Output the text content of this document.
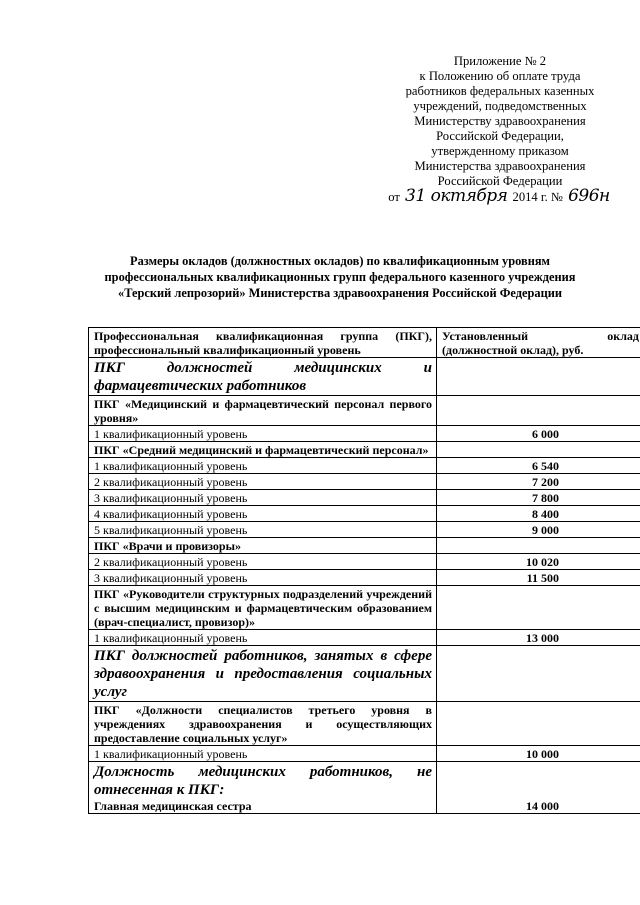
Приложение № 2
к Положению об оплате труда
работников федеральных казенных
учреждений, подведомственных
Министерству здравоохранения
Российской Федерации,
утвержденному приказом
Министерства здравоохранения
Российской Федерации
от 31 октября 2014 г. № 696н
Размеры окладов (должностных окладов) по квалификационным уровням
профессиональных квалификационных групп федерального казенного учреждения
«Терский лепрозорий» Министерства здравоохранения Российской Федерации
Профессиональная квалификационная группа (ПКГ), профессиональный квалификационный уровень	Установленный оклад (должностной оклад), руб.
ПКГ должностей медицинских и фармацевтических работников	
ПКГ «Медицинский и фармацевтический персонал первого уровня»	
1 квалификационный уровень	6 000
ПКГ «Средний медицинский и фармацевтический персонал»	
1 квалификационный уровень	6 540
2 квалификационный уровень	7 200
3 квалификационный уровень	7 800
4 квалификационный уровень	8 400
5 квалификационный уровень	9 000
ПКГ «Врачи и провизоры»	
2 квалификационный уровень	10 020
3 квалификационный уровень	11 500
ПКГ «Руководители структурных подразделений учреждений с высшим медицинским и фармацевтическим образованием (врач-специалист, провизор)»	
1 квалификационный уровень	13 000
ПКГ должностей работников, занятых в сфере здравоохранения и предоставления социальных услуг	
ПКГ «Должности специалистов третьего уровня в учреждениях здравоохранения и осуществляющих предоставление социальных услуг»	
1 квалификационный уровень	10 000

Должность медицинских работников, не отнесенная к ПКГ:
Главная медицинская сестра	14 000
